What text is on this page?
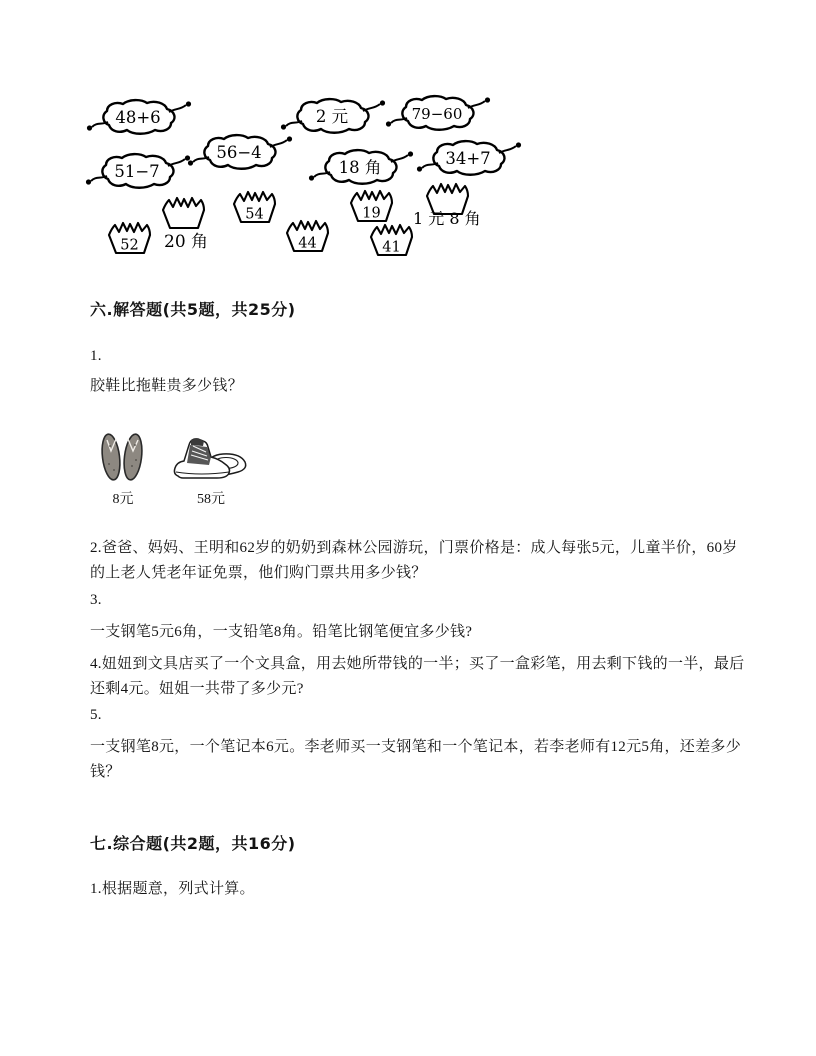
48+6
56−4
2 元	79−60
51−7	18 角	34+7
52
54
44
19
41
20 角
1 元 8 角
六.解答题(共5题，共25分)
1.
胶鞋比拖鞋贵多少钱？
8元	58元
2.爸爸、妈妈、王明和62岁的奶奶到森林公园游玩，门票价格是：成人每张5元，儿童半价，60岁的上老人凭老年证免票，他们购门票共用多少钱？
3.
一支钢笔5元6角，一支铅笔8角。铅笔比钢笔便宜多少钱?
4.妞妞到文具店买了一个文具盒，用去她所带钱的一半；买了一盒彩笔，用去剩下钱的一半，最后还剩4元。妞姐一共带了多少元?
5.
一支钢笔8元，一个笔记本6元。李老师买一支钢笔和一个笔记本，若李老师有12元5角，还差多少钱？
七.综合题(共2题，共16分)
1.根据题意，列式计算。
